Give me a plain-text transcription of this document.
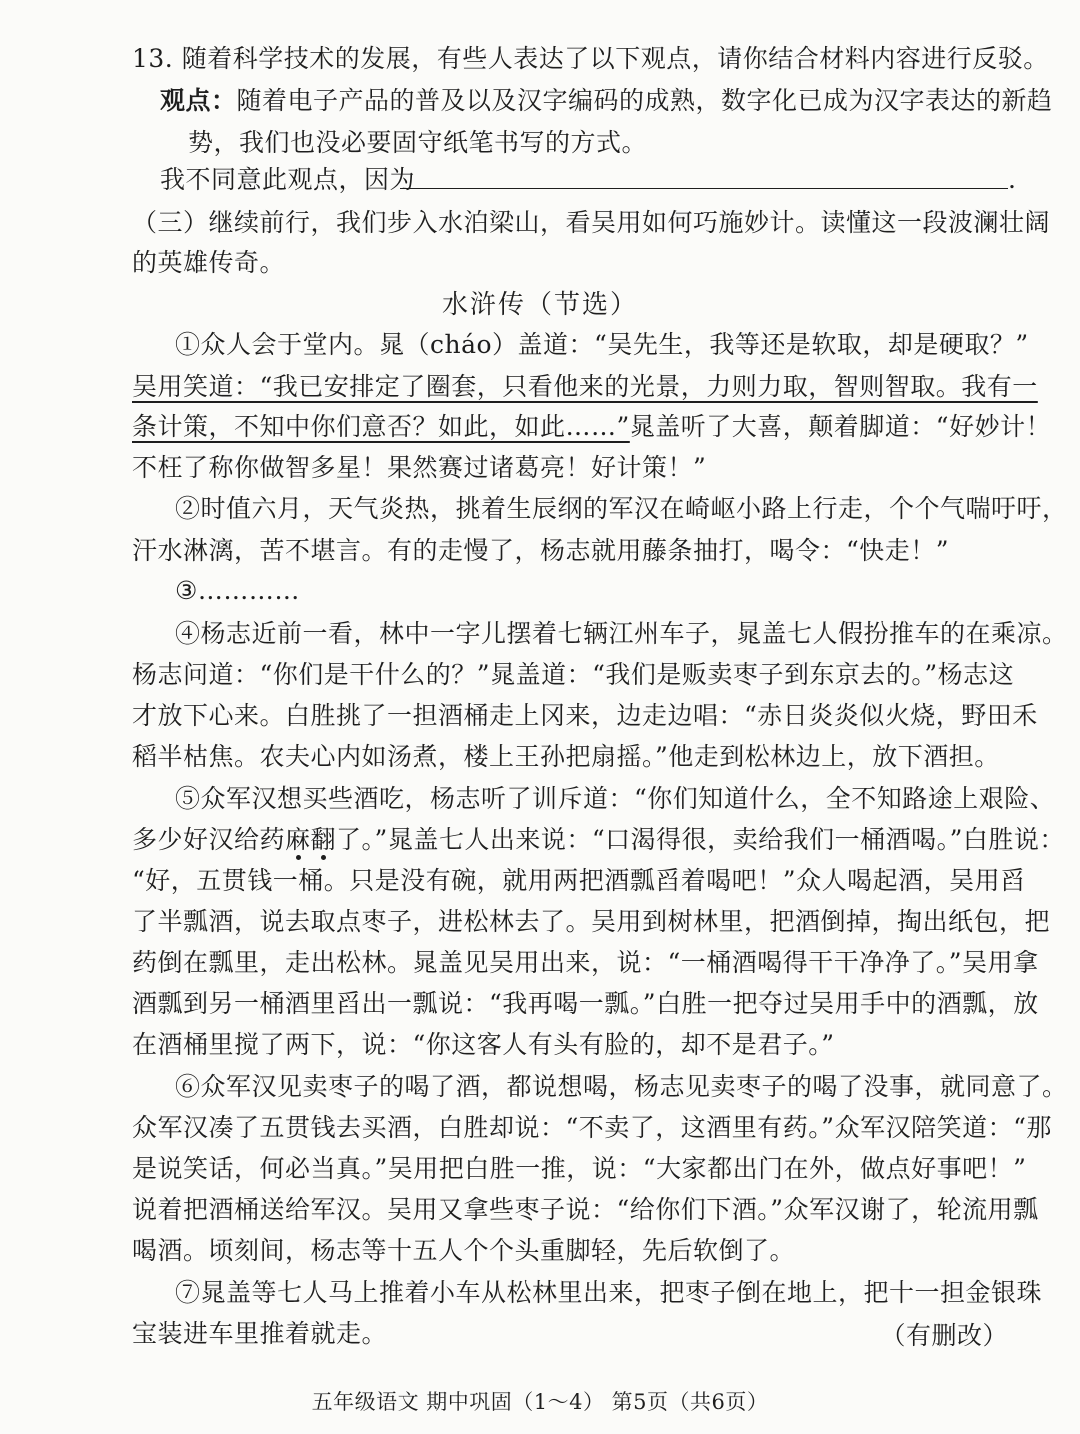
13. 随着科学技术的发展，有些人表达了以下观点，请你结合材料内容进行反驳。
观点：随着电子产品的普及以及汉字编码的成熟，数字化已成为汉字表达的新趋
势，我们也没必要固守纸笔书写的方式。
我不同意此观点，因为	.
（三）继续前行，我们步入水泊梁山，看吴用如何巧施妙计。读懂这一段波澜壮阔
的英雄传奇。
水浒传（节选）
①众人会于堂内。晁（cháo）盖道：“吴先生，我等还是软取，却是硬取？”
吴用笑道：“我已安排定了圈套，只看他来的光景，力则力取，智则智取。我有一
条计策，不知中你们意否？如此，如此……”晁盖听了大喜，颠着脚道：“好妙计！
不枉了称你做智多星！果然赛过诸葛亮！好计策！”
②时值六月，天气炎热，挑着生辰纲的军汉在崎岖小路上行走，个个气喘吁吁，
汗水淋漓，苦不堪言。有的走慢了，杨志就用藤条抽打，喝令：“快走！”
③…………
④杨志近前一看，林中一字儿摆着七辆江州车子，晁盖七人假扮推车的在乘凉。
杨志问道：“你们是干什么的？”晁盖道：“我们是贩卖枣子到东京去的。”杨志这
才放下心来。白胜挑了一担酒桶走上冈来，边走边唱：“赤日炎炎似火烧，野田禾
稻半枯焦。农夫心内如汤煮，楼上王孙把扇摇。”他走到松林边上，放下酒担。
⑤众军汉想买些酒吃，杨志听了训斥道：“你们知道什么，全不知路途上艰险、
多少好汉给药麻翻了。”晁盖七人出来说：“口渴得很，卖给我们一桶酒喝。”白胜说：
“好，五贯钱一桶。只是没有碗，就用两把酒瓢舀着喝吧！”众人喝起酒，吴用舀
了半瓢酒，说去取点枣子，进松林去了。吴用到树林里，把酒倒掉，掏出纸包，把
药倒在瓢里，走出松林。晁盖见吴用出来，说：“一桶酒喝得干干净净了。”吴用拿
酒瓢到另一桶酒里舀出一瓢说：“我再喝一瓢。”白胜一把夺过吴用手中的酒瓢，放
在酒桶里搅了两下，说：“你这客人有头有脸的，却不是君子。”
⑥众军汉见卖枣子的喝了酒，都说想喝，杨志见卖枣子的喝了没事，就同意了。
众军汉凑了五贯钱去买酒，白胜却说：“不卖了，这酒里有药。”众军汉陪笑道：“那
是说笑话，何必当真。”吴用把白胜一推，说：“大家都出门在外，做点好事吧！”
说着把酒桶送给军汉。吴用又拿些枣子说：“给你们下酒。”众军汉谢了，轮流用瓢
喝酒。顷刻间，杨志等十五人个个头重脚轻，先后软倒了。
⑦晁盖等七人马上推着小车从松林里出来，把枣子倒在地上，把十一担金银珠
宝装进车里推着就走。	（有删改）
五年级语文 期中巩固（1～4） 第5页（共6页）
